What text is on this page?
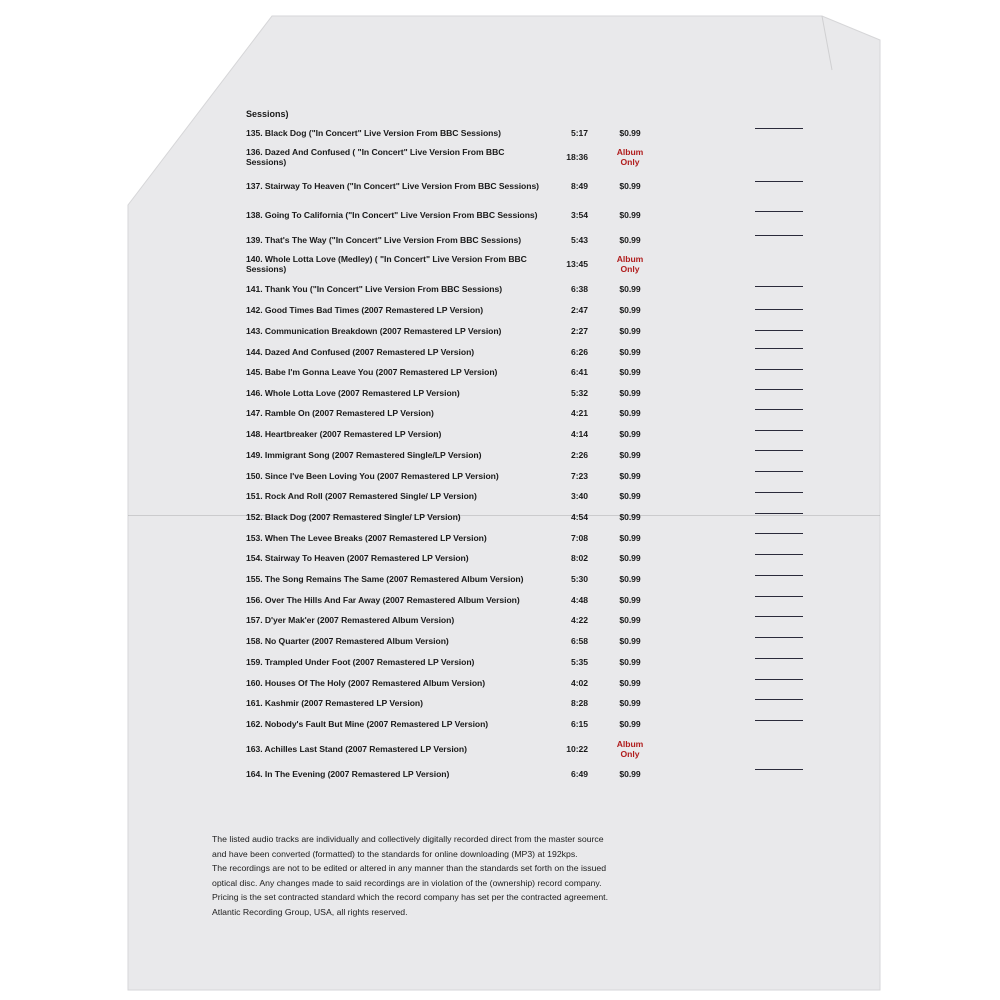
Sessions)
135. Black Dog ("In Concert" Live Version From BBC Sessions)	5:17	$0.99
136. Dazed And Confused ( "In Concert" Live Version From BBC Sessions)	18:36	Album
Only
137. Stairway To Heaven ("In Concert" Live Version From BBC Sessions)	8:49	$0.99
138. Going To California ("In Concert" Live Version From BBC Sessions)	3:54	$0.99
139. That's The Way ("In Concert" Live Version From BBC Sessions)	5:43	$0.99
140. Whole Lotta Love (Medley) ( "In Concert" Live Version From BBC Sessions)	13:45	Album
Only
141. Thank You ("In Concert" Live Version From BBC Sessions)	6:38	$0.99
142. Good Times Bad Times (2007 Remastered LP Version)	2:47	$0.99
143. Communication Breakdown (2007 Remastered LP Version)	2:27	$0.99
144. Dazed And Confused (2007 Remastered LP Version)	6:26	$0.99
145. Babe I'm Gonna Leave You (2007 Remastered LP Version)	6:41	$0.99
146. Whole Lotta Love (2007 Remastered LP Version)	5:32	$0.99
147. Ramble On (2007 Remastered LP Version)	4:21	$0.99
148. Heartbreaker (2007 Remastered LP Version)	4:14	$0.99
149. Immigrant Song (2007 Remastered Single/LP Version)	2:26	$0.99
150. Since I've Been Loving You (2007 Remastered LP Version)	7:23	$0.99
151. Rock And Roll (2007 Remastered Single/ LP Version)	3:40	$0.99
152. Black Dog (2007 Remastered Single/ LP Version)	4:54	$0.99
153. When The Levee Breaks (2007 Remastered LP Version)	7:08	$0.99
154. Stairway To Heaven (2007 Remastered LP Version)	8:02	$0.99
155. The Song Remains The Same (2007 Remastered Album Version)	5:30	$0.99
156. Over The Hills And Far Away (2007 Remastered Album Version)	4:48	$0.99
157. D'yer Mak'er (2007 Remastered Album Version)	4:22	$0.99
158. No Quarter (2007 Remastered Album Version)	6:58	$0.99
159. Trampled Under Foot (2007 Remastered LP Version)	5:35	$0.99
160. Houses Of The Holy (2007 Remastered Album Version)	4:02	$0.99
161. Kashmir (2007 Remastered LP Version)	8:28	$0.99
162. Nobody's Fault But Mine (2007 Remastered LP Version)	6:15	$0.99
163. Achilles Last Stand (2007 Remastered LP Version)	10:22	Album
Only
164. In The Evening (2007 Remastered LP Version)	6:49	$0.99

The listed audio tracks are individually and collectively digitally recorded direct from the master source

and have been converted (formatted) to the standards for online downloading (MP3) at 192kps.

The recordings are not to be edited or altered in any manner than the standards set forth on the issued

optical disc. Any changes made to said recordings are in violation of the (ownership) record company.

Pricing is the set contracted standard which the record company has set per the contracted agreement.

Atlantic Recording Group, USA, all rights reserved.
